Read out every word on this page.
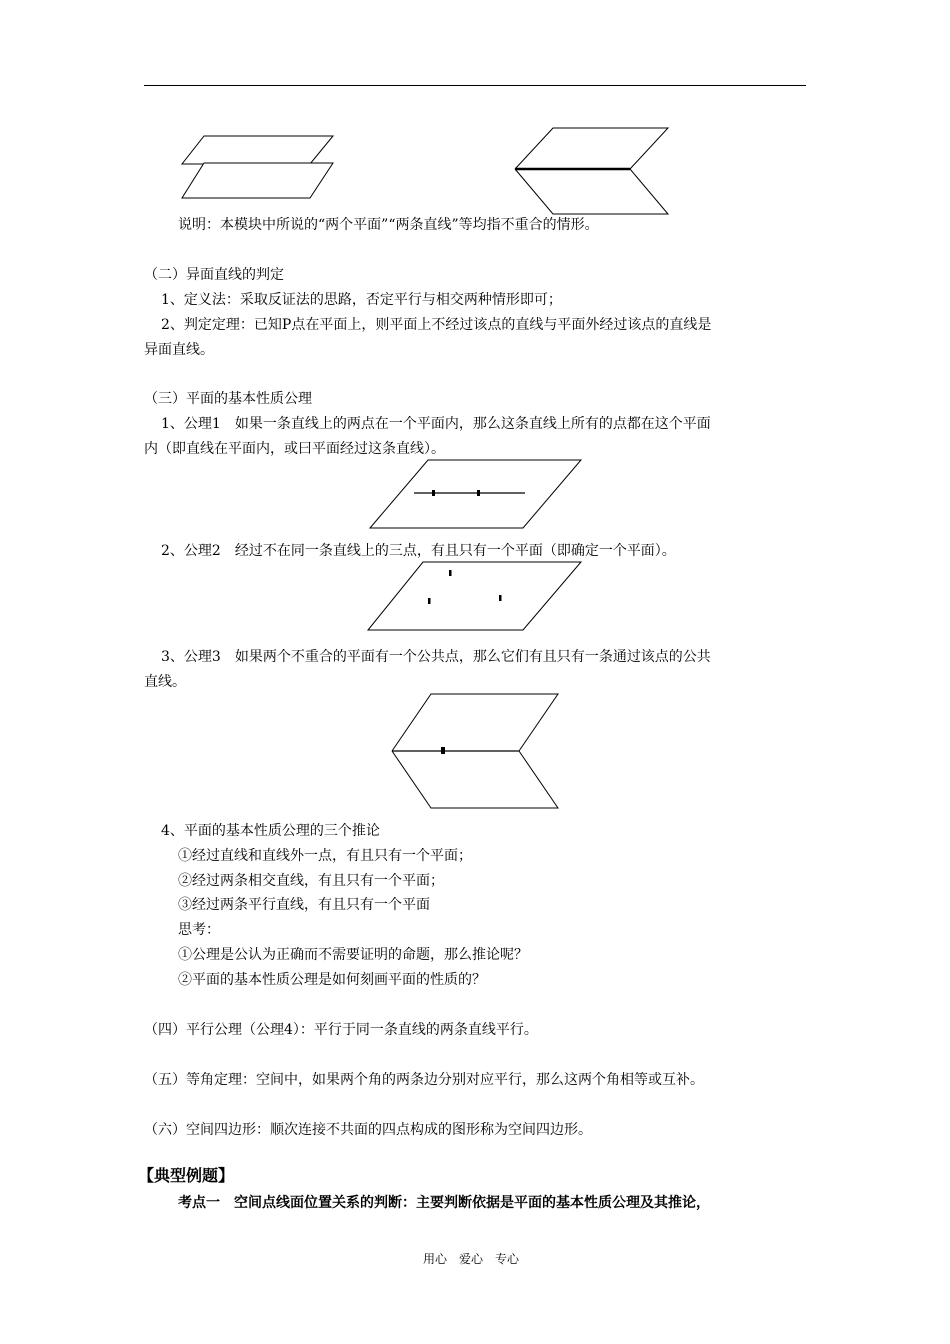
说明：本模块中所说的“两个平面”“两条直线”等均指不重合的情形。
（二）异面直线的判定
1、定义法：采取反证法的思路，否定平行与相交两种情形即可；
2、判定定理：已知P点在平面上，则平面上不经过该点的直线与平面外经过该点的直线是
异面直线。
（三）平面的基本性质公理
1、公理1　如果一条直线上的两点在一个平面内，那么这条直线上所有的点都在这个平面
内（即直线在平面内，或曰平面经过这条直线）。
2、公理2　经过不在同一条直线上的三点，有且只有一个平面（即确定一个平面）。
3、公理3　如果两个不重合的平面有一个公共点，那么它们有且只有一条通过该点的公共
直线。
4、平面的基本性质公理的三个推论
①经过直线和直线外一点，有且只有一个平面；
②经过两条相交直线，有且只有一个平面；
③经过两条平行直线，有且只有一个平面
思考：
①公理是公认为正确而不需要证明的命题，那么推论呢？
②平面的基本性质公理是如何刻画平面的性质的？
（四）平行公理（公理4）：平行于同一条直线的两条直线平行。
（五）等角定理：空间中，如果两个角的两条边分别对应平行，那么这两个角相等或互补。
（六）空间四边形：顺次连接不共面的四点构成的图形称为空间四边形。
【典型例题】
考点一　空间点线面位置关系的判断：主要判断依据是平面的基本性质公理及其推论，
用心　爱心　专心
